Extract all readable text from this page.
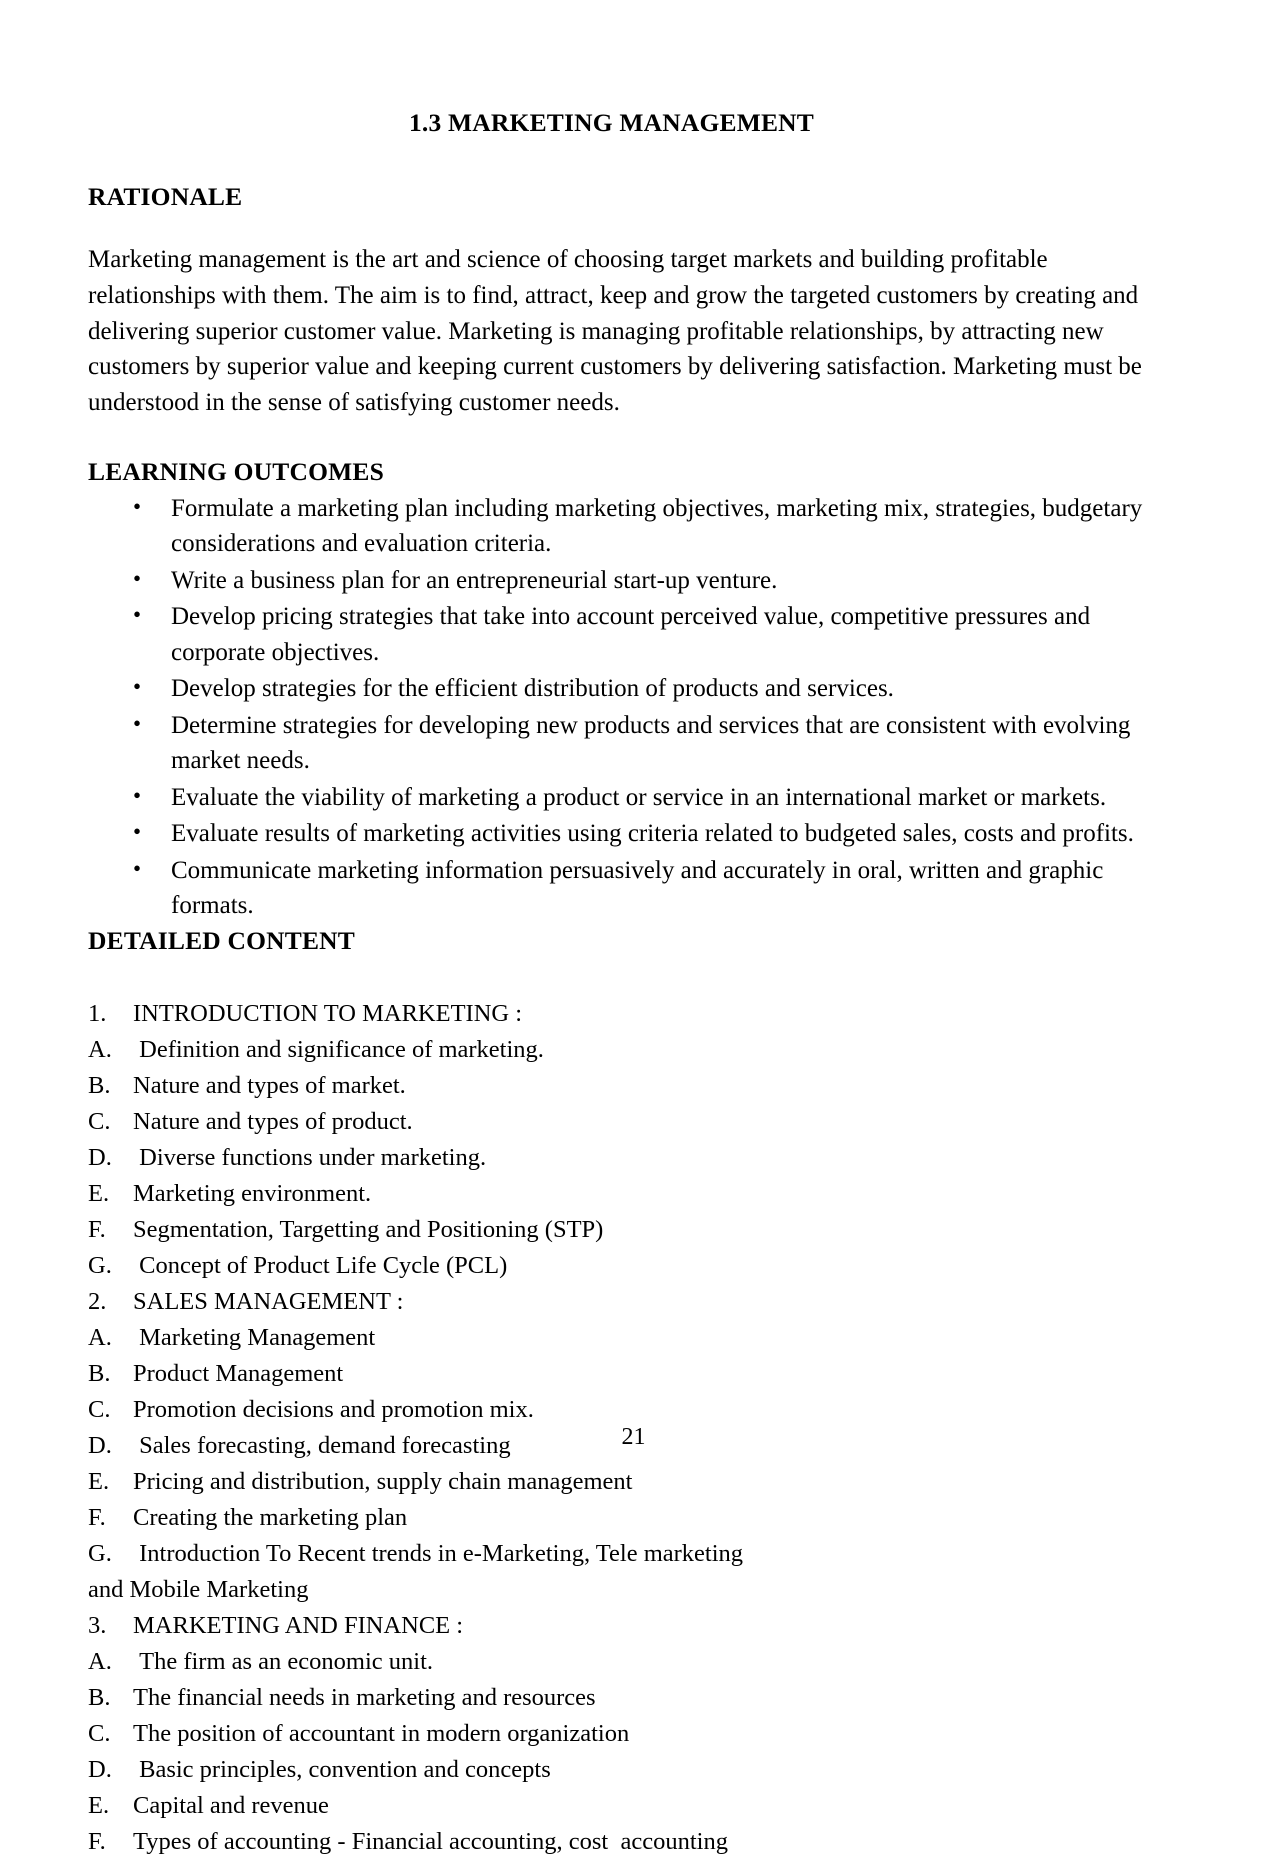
1.3 MARKETING MANAGEMENT
RATIONALE

Marketing management is the art and science of choosing target markets and building profitable relationships with them. The aim is to find, attract, keep and grow the targeted customers by creating and delivering superior customer value. Marketing is managing profitable relationships, by attracting new customers by superior value and keeping current customers by delivering satisfaction. Marketing must be understood in the sense of satisfying customer needs.

LEARNING OUTCOMES
• Formulate a marketing plan including marketing objectives, marketing mix, strategies, budgetary considerations and evaluation criteria.
• Write a business plan for an entrepreneurial start-up venture.
• Develop pricing strategies that take into account perceived value, competitive pressures and corporate objectives.
• Develop strategies for the efficient distribution of products and services.
• Determine strategies for developing new products and services that are consistent with evolving market needs.
• Evaluate the viability of marketing a product or service in an international market or markets.
• Evaluate results of marketing activities using criteria related to budgeted sales, costs and profits.
• Communicate marketing information persuasively and accurately in oral, written and graphic formats.
DETAILED CONTENT
1.	INTRODUCTION TO MARKETING :
A. Definition and significance of marketing.
B. Nature and types of market.
C. Nature and types of product.
D. Diverse functions under marketing.
E. Marketing environment.
F.	Segmentation, Targetting and Positioning (STP)
G. Concept of Product Life Cycle (PCL)
2.	SALES MANAGEMENT :
A. Marketing Management
B. Product Management
C. Promotion decisions and promotion mix.
D. Sales forecasting, demand forecasting
E. Pricing and distribution, supply chain management
F.	Creating the marketing plan
G. Introduction To Recent trends in e-Marketing, Tele marketing
and Mobile Marketing
3.	MARKETING AND FINANCE :
A. The firm as an economic unit.
B. The financial needs in marketing and resources
C. The position of accountant in modern organization
D. Basic principles, convention and concepts
E. Capital and revenue
F.	Types of accounting - Financial accounting, cost  accounting
21
